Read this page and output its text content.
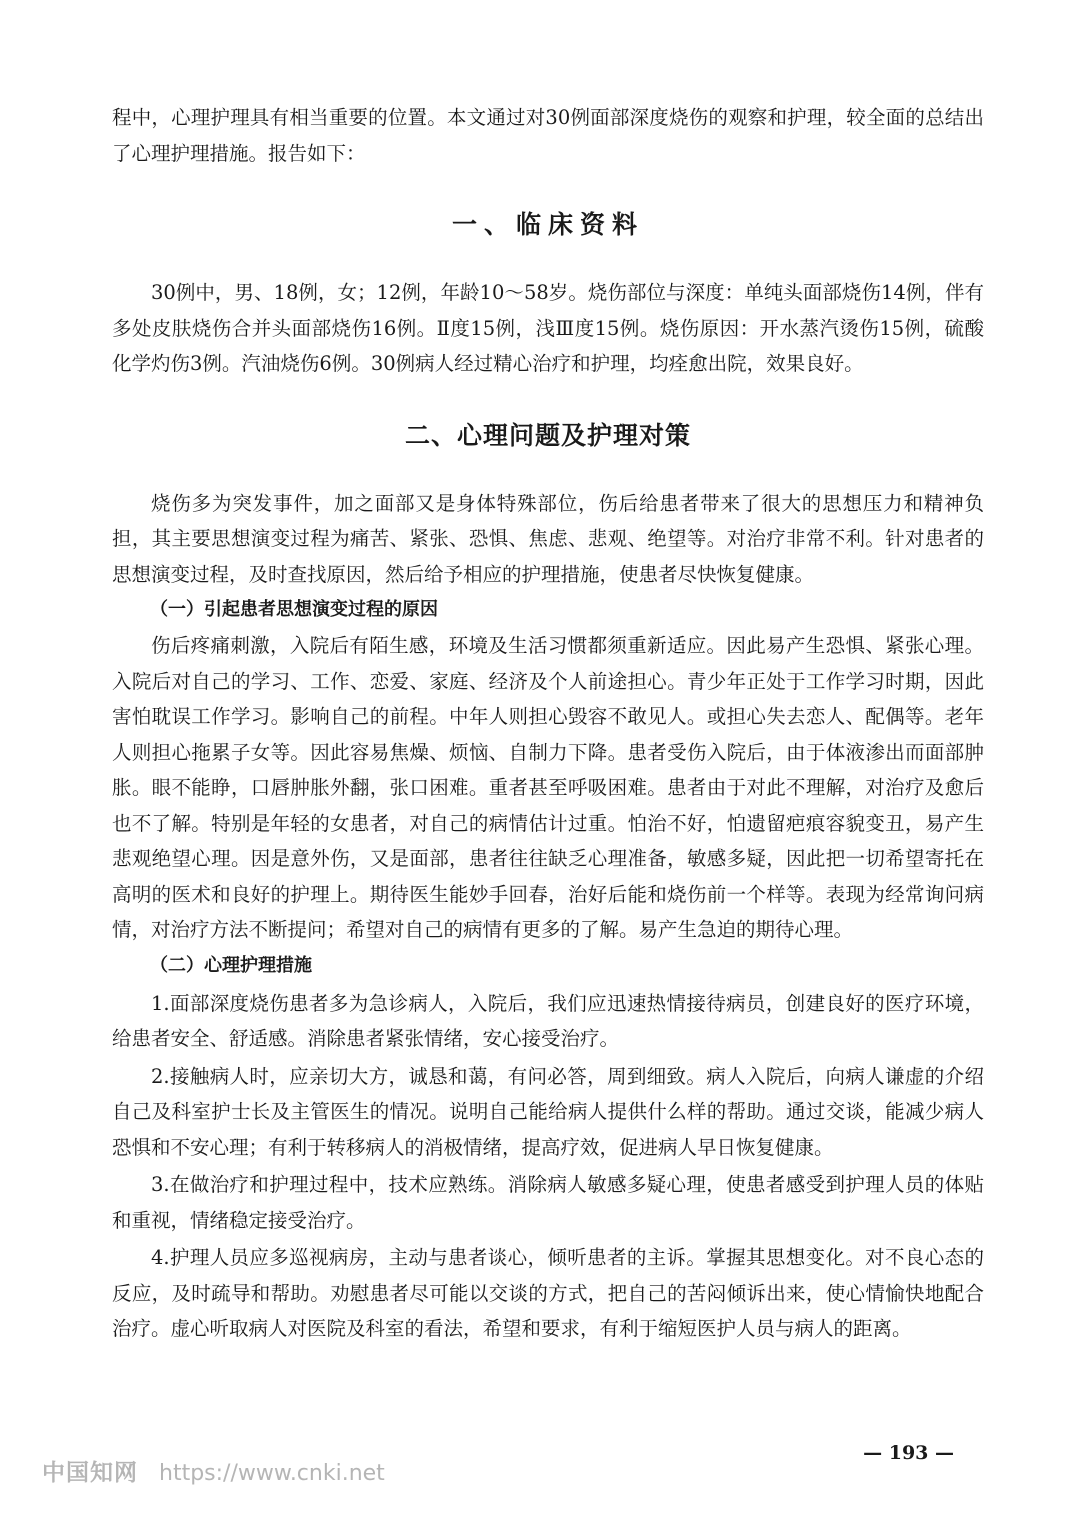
程中，心理护理具有相当重要的位置。本文通过对30例面部深度烧伤的观察和护理，较全面的总结出了心理护理措施。报告如下：

一、临床资料

30例中，男、18例，女；12例，年龄10～58岁。烧伤部位与深度：单纯头面部烧伤14例，伴有多处皮肤烧伤合并头面部烧伤16例。Ⅱ度15例，浅Ⅲ度15例。烧伤原因：开水蒸汽烫伤15例，硫酸化学灼伤3例。汽油烧伤6例。30例病人经过精心治疗和护理，均痊愈出院，效果良好。

二、心理问题及护理对策

烧伤多为突发事件，加之面部又是身体特殊部位，伤后给患者带来了很大的思想压力和精神负担，其主要思想演变过程为痛苦、紧张、恐惧、焦虑、悲观、绝望等。对治疗非常不利。针对患者的思想演变过程，及时查找原因，然后给予相应的护理措施，使患者尽快恢复健康。

（一）引起患者思想演变过程的原因

伤后疼痛刺激，入院后有陌生感，环境及生活习惯都须重新适应。因此易产生恐惧、紧张心理。入院后对自己的学习、工作、恋爱、家庭、经济及个人前途担心。青少年正处于工作学习时期，因此害怕耽误工作学习。影响自己的前程。中年人则担心毁容不敢见人。或担心失去恋人、配偶等。老年人则担心拖累子女等。因此容易焦燥、烦恼、自制力下降。患者受伤入院后，由于体液渗出而面部肿胀。眼不能睁，口唇肿胀外翻，张口困难。重者甚至呼吸困难。患者由于对此不理解，对治疗及愈后也不了解。特别是年轻的女患者，对自己的病情估计过重。怕治不好，怕遗留疤痕容貌变丑，易产生悲观绝望心理。因是意外伤，又是面部，患者往往缺乏心理准备，敏感多疑，因此把一切希望寄托在高明的医术和良好的护理上。期待医生能妙手回春，治好后能和烧伤前一个样等。表现为经常询问病情，对治疗方法不断提问；希望对自己的病情有更多的了解。易产生急迫的期待心理。

（二）心理护理措施

1.面部深度烧伤患者多为急诊病人，入院后，我们应迅速热情接待病员，创建良好的医疗环境，给患者安全、舒适感。消除患者紧张情绪，安心接受治疗。

2.接触病人时，应亲切大方，诚恳和蔼，有问必答，周到细致。病人入院后，向病人谦虚的介绍自己及科室护士长及主管医生的情况。说明自己能给病人提供什么样的帮助。通过交谈，能减少病人恐惧和不安心理；有利于转移病人的消极情绪，提高疗效，促进病人早日恢复健康。

3.在做治疗和护理过程中，技术应熟练。消除病人敏感多疑心理，使患者感受到护理人员的体贴和重视，情绪稳定接受治疗。

4.护理人员应多巡视病房，主动与患者谈心，倾听患者的主诉。掌握其思想变化。对不良心态的反应，及时疏导和帮助。劝慰患者尽可能以交谈的方式，把自己的苦闷倾诉出来，使心情愉快地配合治疗。虚心听取病人对医院及科室的看法，希望和要求，有利于缩短医护人员与病人的距离。

— 193 —
中国知网 https://www.cnki.net
